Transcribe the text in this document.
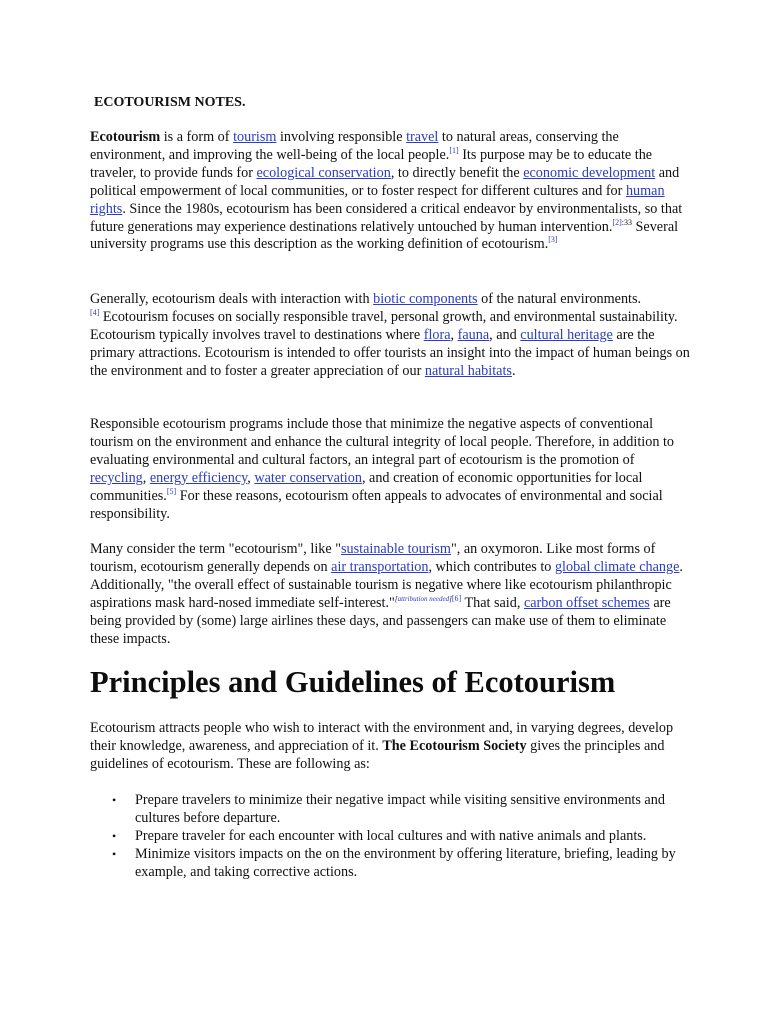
ECOTOURISM NOTES.

Ecotourism is a form of tourism involving responsible travel to natural areas, conserving the environment, and improving the well-being of the local people.[1] Its purpose may be to educate the traveler, to provide funds for ecological conservation, to directly benefit the economic development and political empowerment of local communities, or to foster respect for different cultures and for human rights. Since the 1980s, ecotourism has been considered a critical endeavor by environmentalists, so that future generations may experience destinations relatively untouched by human intervention.$^{[2]:33}$ Several university programs use this description as the working definition of ecotourism.[3]

Generally, ecotourism deals with interaction with biotic components of the natural environments.
[4] Ecotourism focuses on socially responsible travel, personal growth, and environmental sustainability. Ecotourism typically involves travel to destinations where flora, fauna, and cultural heritage are the primary attractions. Ecotourism is intended to offer tourists an insight into the impact of human beings on the environment and to foster a greater appreciation of our natural habitats.

Responsible ecotourism programs include those that minimize the negative aspects of conventional tourism on the environment and enhance the cultural integrity of local people. Therefore, in addition to evaluating environmental and cultural factors, an integral part of ecotourism is the promotion of recycling, energy efficiency, water conservation, and creation of economic opportunities for local communities.[5] For these reasons, ecotourism often appeals to advocates of environmental and social responsibility.

Many consider the term "ecotourism", like "sustainable tourism", an oxymoron. Like most forms of tourism, ecotourism generally depends on air transportation, which contributes to global climate change. Additionally, "the overall effect of sustainable tourism is negative where like ecotourism philanthropic aspirations mask hard-nosed immediate self-interest."[attribution needed][6] That said, carbon offset schemes are being provided by (some) large airlines these days, and passengers can make use of them to eliminate these impacts.

Principles and Guidelines of Ecotourism

Ecotourism attracts people who wish to interact with the environment and, in varying degrees, develop their knowledge, awareness, and appreciation of it. The Ecotourism Society gives the principles and guidelines of ecotourism. These are following as:

• Prepare travelers to minimize their negative impact while visiting sensitive environments and cultures before departure.
• Prepare traveler for each encounter with local cultures and with native animals and plants.
• Minimize visitors impacts on the on the environment by offering literature, briefing, leading by example, and taking corrective actions.
